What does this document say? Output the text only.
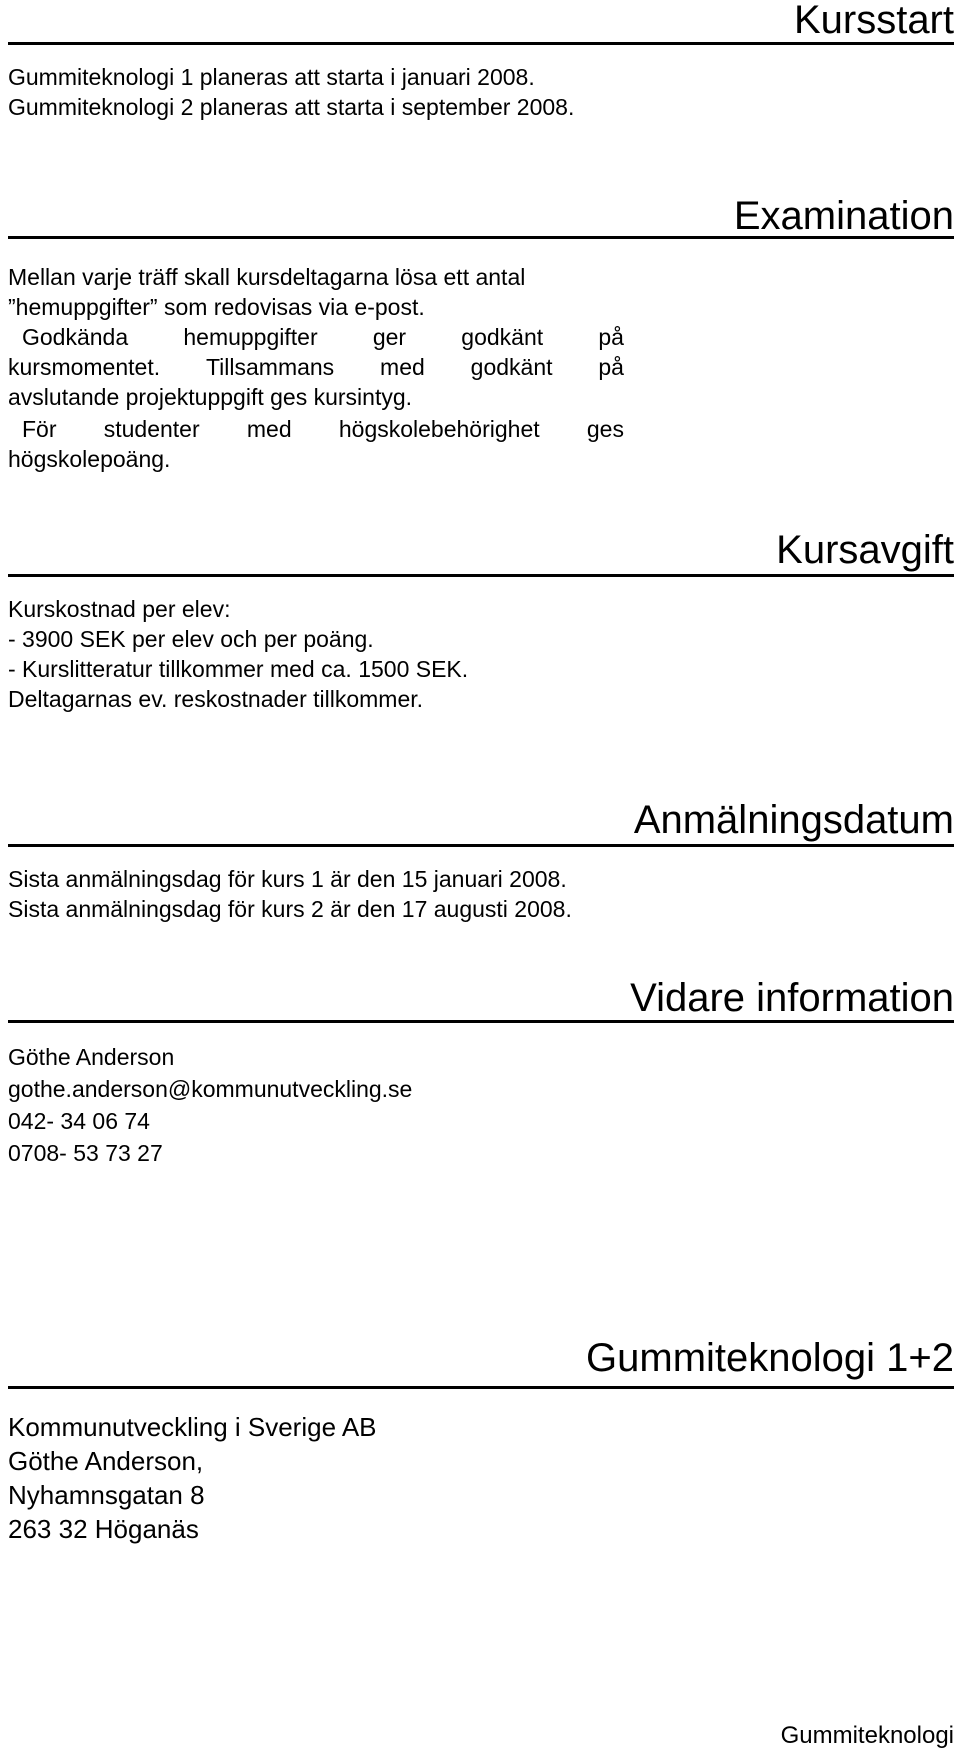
Kursstart
Gummiteknologi 1 planeras att starta i januari 2008.
Gummiteknologi 2 planeras att starta i september 2008.
Examination
Mellan varje träff skall kursdeltagarna lösa ett antal
”hemuppgifter” som redovisas via e-post.
Godkända hemuppgifter ger godkänt på
kursmomentet. Tillsammans med godkänt på
avslutande projektuppgift ges kursintyg.
För studenter med högskolebehörighet ges
högskolepoäng.
Kursavgift
Kurskostnad per elev:
- 3900 SEK per elev och per poäng.
- Kurslitteratur tillkommer med ca. 1500 SEK.
Deltagarnas ev. reskostnader tillkommer.
Anmälningsdatum
Sista anmälningsdag för kurs 1 är den 15 januari 2008.
Sista anmälningsdag för kurs 2 är den 17 augusti 2008.
Vidare information
Göthe Anderson
gothe.anderson@kommunutveckling.se
042- 34 06 74
0708- 53 73 27
Gummiteknologi 1+2
Kommunutveckling i Sverige AB
Göthe Anderson,
Nyhamnsgatan 8
263 32 Höganäs
Gummiteknologi
